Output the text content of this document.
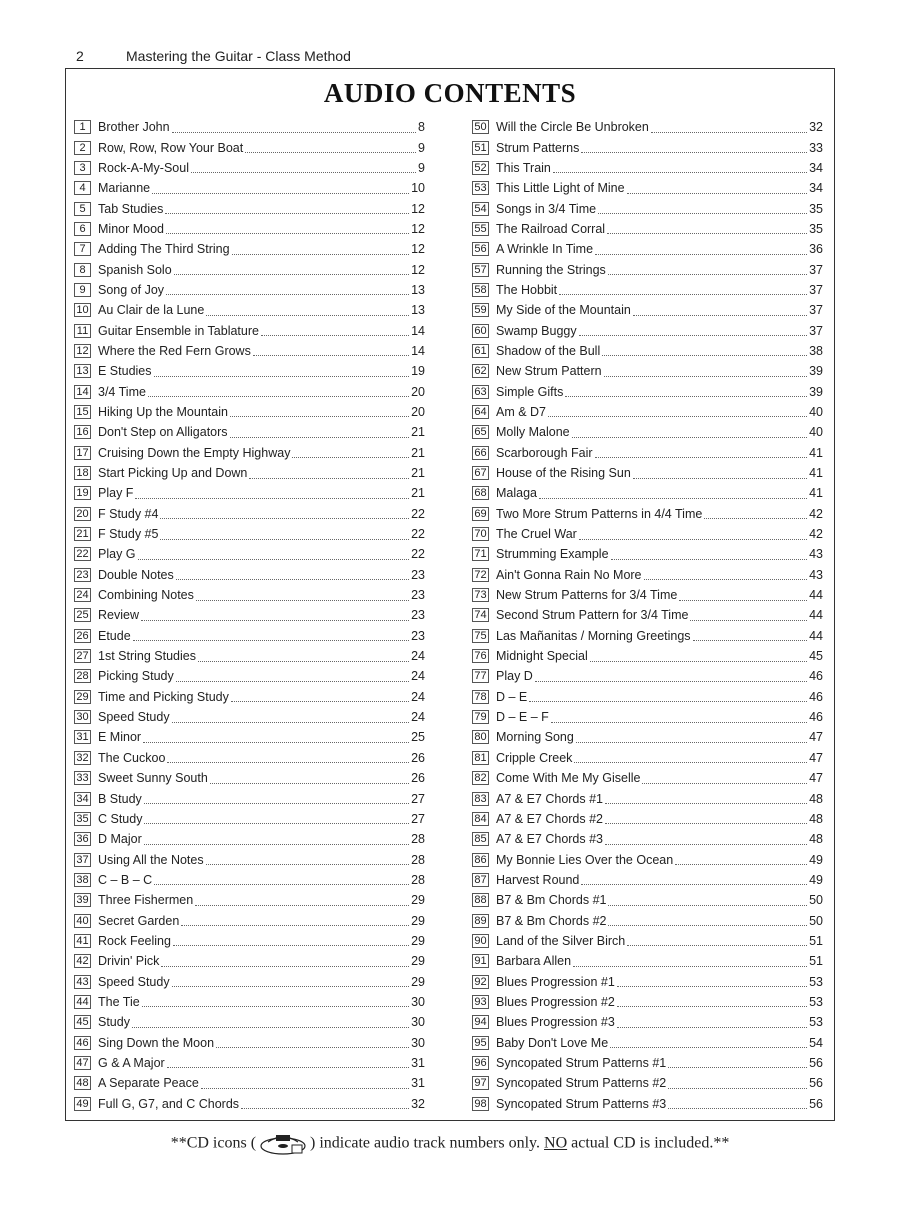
2	Mastering the Guitar - Class Method
AUDIO CONTENTS
1 Brother John	8
2 Row, Row, Row Your Boat	9
3 Rock-A-My-Soul	9
4 Marianne	10
5 Tab Studies	12
6 Minor Mood	12
7 Adding The Third String	12
8 Spanish Solo	12
9 Song of Joy	13
10 Au Clair de la Lune	13
11 Guitar Ensemble in Tablature	14
12 Where the Red Fern Grows	14
13 E Studies	19
14 3/4 Time	20
15 Hiking Up the Mountain	20
16 Don't Step on Alligators	21
17 Cruising Down the Empty Highway	21
18 Start Picking Up and Down	21
19 Play F	21
20 F Study #4	22
21 F Study #5	22
22 Play G	22
23 Double Notes	23
24 Combining Notes	23
25 Review	23
26 Etude	23
27 1st String Studies	24
28 Picking Study	24
29 Time and Picking Study	24
30 Speed Study	24
31 E Minor	25
32 The Cuckoo	26
33 Sweet Sunny South	26
34 B Study	27
35 C Study	27
36 D Major	28
37 Using All the Notes	28
38 C – B – C	28
39 Three Fishermen	29
40 Secret Garden	29
41 Rock Feeling	29
42 Drivin' Pick	29
43 Speed Study	29
44 The Tie	30
45 Study	30
46 Sing Down the Moon	30
47 G & A Major	31
48 A Separate Peace	31
49 Full G, G7, and C Chords	32
50 Will the Circle Be Unbroken	32
51 Strum Patterns	33
52 This Train	34
53 This Little Light of Mine	34
54 Songs in 3/4 Time	35
55 The Railroad Corral	35
56 A Wrinkle In Time	36
57 Running the Strings	37
58 The Hobbit	37
59 My Side of the Mountain	37
60 Swamp Buggy	37
61 Shadow of the Bull	38
62 New Strum Pattern	39
63 Simple Gifts	39
64 Am & D7	40
65 Molly Malone	40
66 Scarborough Fair	41
67 House of the Rising Sun	41
68 Malaga	41
69 Two More Strum Patterns in 4/4 Time	42
70 The Cruel War	42
71 Strumming Example	43
72 Ain't Gonna Rain No More	43
73 New Strum Patterns for 3/4 Time	44
74 Second Strum Pattern for 3/4 Time	44
75 Las Mañanitas / Morning Greetings	44
76 Midnight Special	45
77 Play D	46
78 D – E	46
79 D – E – F	46
80 Morning Song	47
81 Cripple Creek	47
82 Come With Me My Giselle	47
83 A7 & E7 Chords #1	48
84 A7 & E7 Chords #2	48
85 A7 & E7 Chords #3	48
86 My Bonnie Lies Over the Ocean	49
87 Harvest Round	49
88 B7 & Bm Chords #1	50
89 B7 & Bm Chords #2	50
90 Land of the Silver Birch	51
91 Barbara Allen	51
92 Blues Progression #1	53
93 Blues Progression #2	53
94 Blues Progression #3	53
95 Baby Don't Love Me	54
96 Syncopated Strum Patterns #1	56
97 Syncopated Strum Patterns #2	56
98 Syncopated Strum Patterns #3	56
**CD icons (	) indicate audio track numbers only. NO actual CD is included.**
